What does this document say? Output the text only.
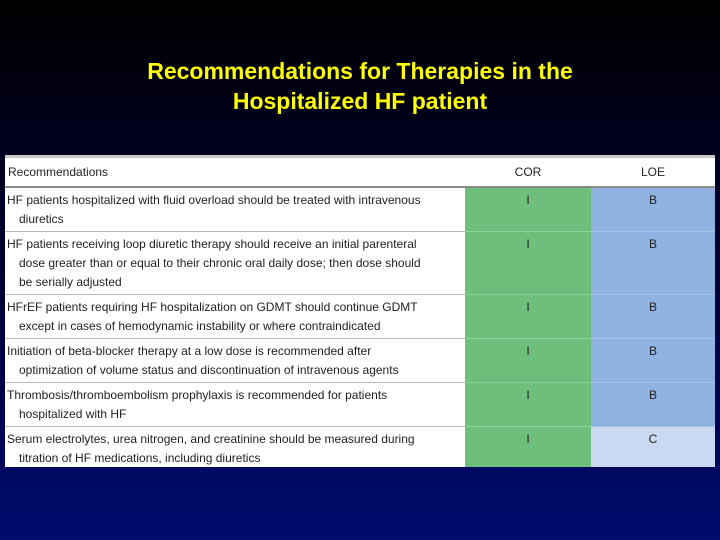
Recommendations for Therapies in the
Hospitalized HF patient
Recommendations	COR	LOE
HF patients hospitalized with fluid overload should be treated with intravenous
diuretics	I	B
HF patients receiving loop diuretic therapy should receive an initial parenteral
dose greater than or equal to their chronic oral daily dose; then dose should
be serially adjusted	I	B
HFrEF patients requiring HF hospitalization on GDMT should continue GDMT
except in cases of hemodynamic instability or where contraindicated	I	B
Initiation of beta-blocker therapy at a low dose is recommended after
optimization of volume status and discontinuation of intravenous agents	I	B
Thrombosis/thromboembolism prophylaxis is recommended for patients
hospitalized with HF	I	B
Serum electrolytes, urea nitrogen, and creatinine should be measured during
titration of HF medications, including diuretics	I	C
